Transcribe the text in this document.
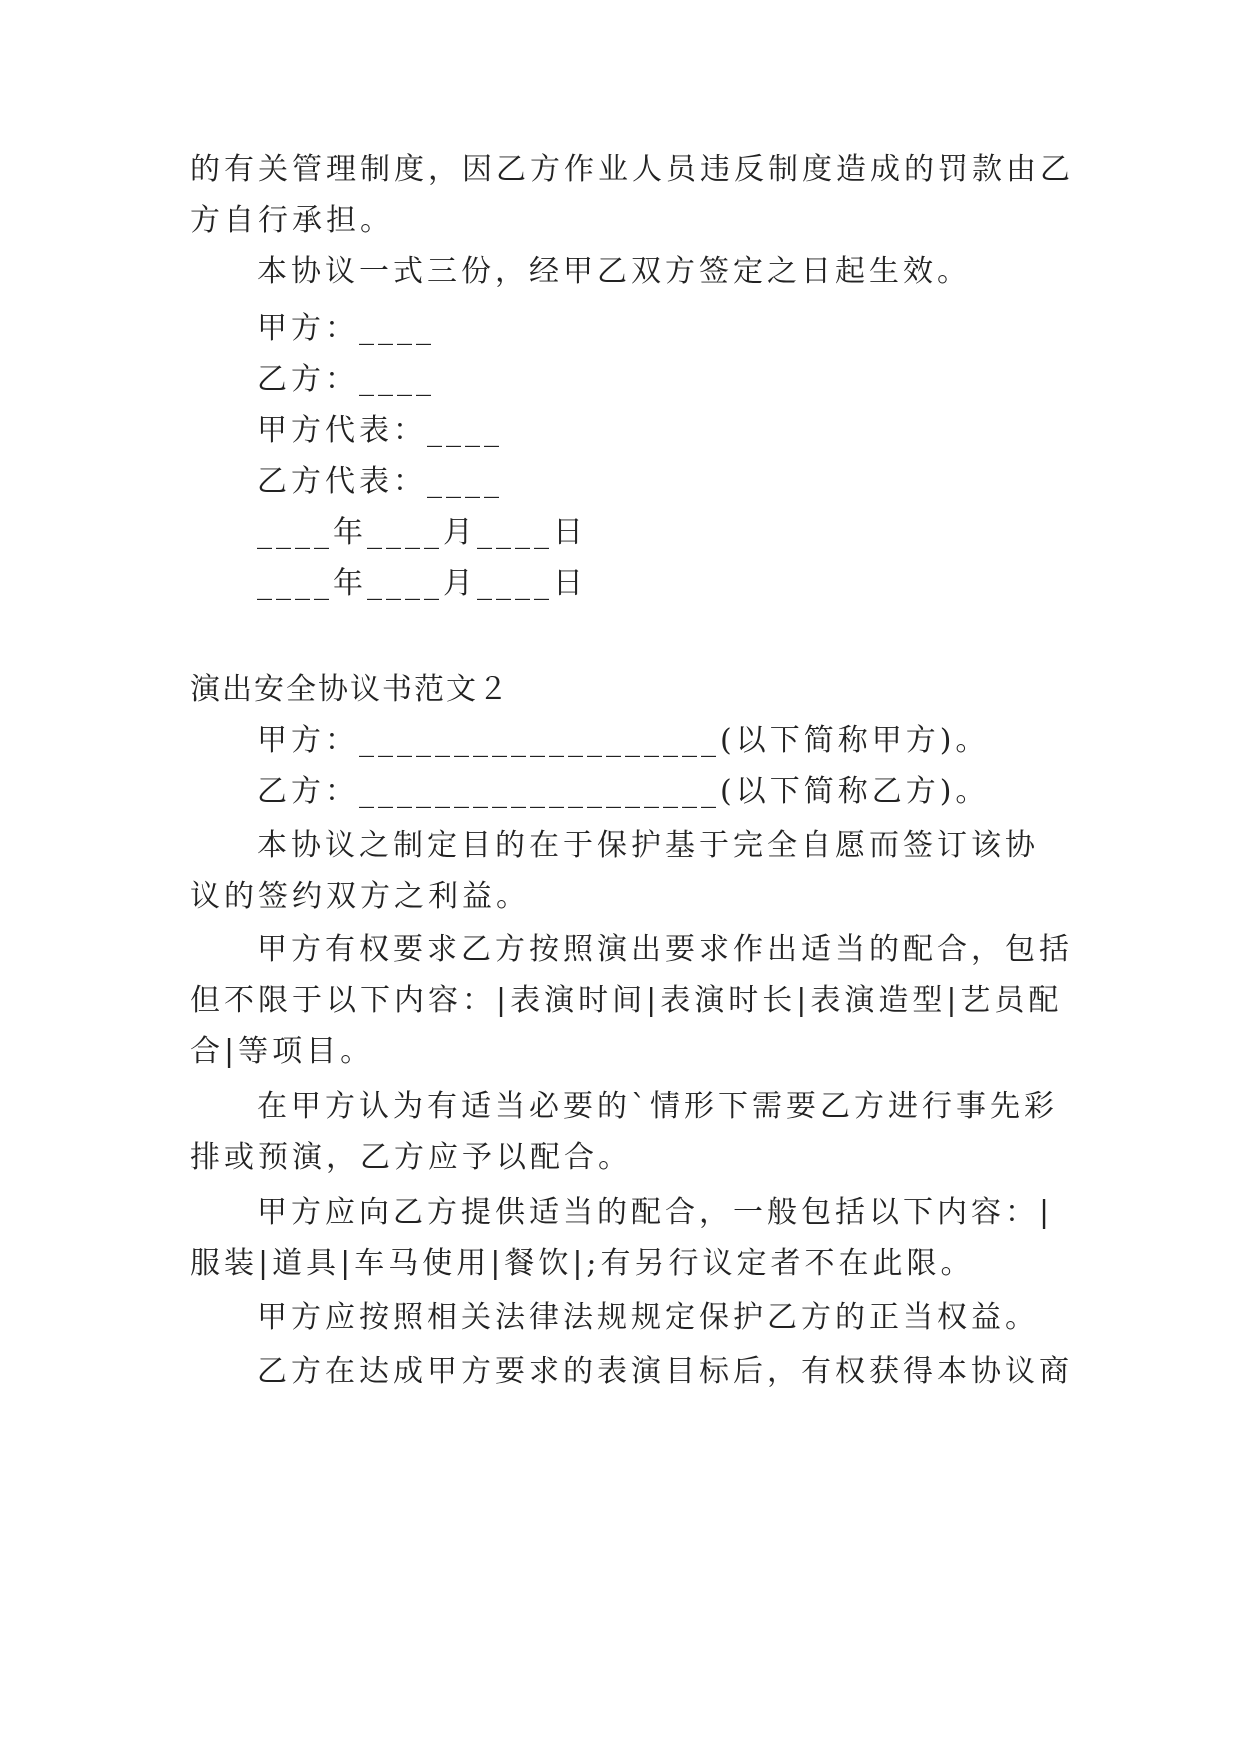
的有关管理制度，因乙方作业人员违反制度造成的罚款由乙
方自行承担。
本协议一式三份，经甲乙双方签定之日起生效。
甲方：____
乙方：____
甲方代表：____
乙方代表：____
____年____月____日
____年____月____日
演出安全协议书范文２
甲方：___________________(以下简称甲方)。
乙方：___________________(以下简称乙方)。
本协议之制定目的在于保护基于完全自愿而签订该协
议的签约双方之利益。
甲方有权要求乙方按照演出要求作出适当的配合，包括
但不限于以下内容：|表演时间|表演时长|表演造型|艺员配
合|等项目。
在甲方认为有适当必要的`情形下需要乙方进行事先彩
排或预演，乙方应予以配合。
甲方应向乙方提供适当的配合，一般包括以下内容：|
服装|道具|车马使用|餐饮|;有另行议定者不在此限。
甲方应按照相关法律法规规定保护乙方的正当权益。
乙方在达成甲方要求的表演目标后，有权获得本协议商
